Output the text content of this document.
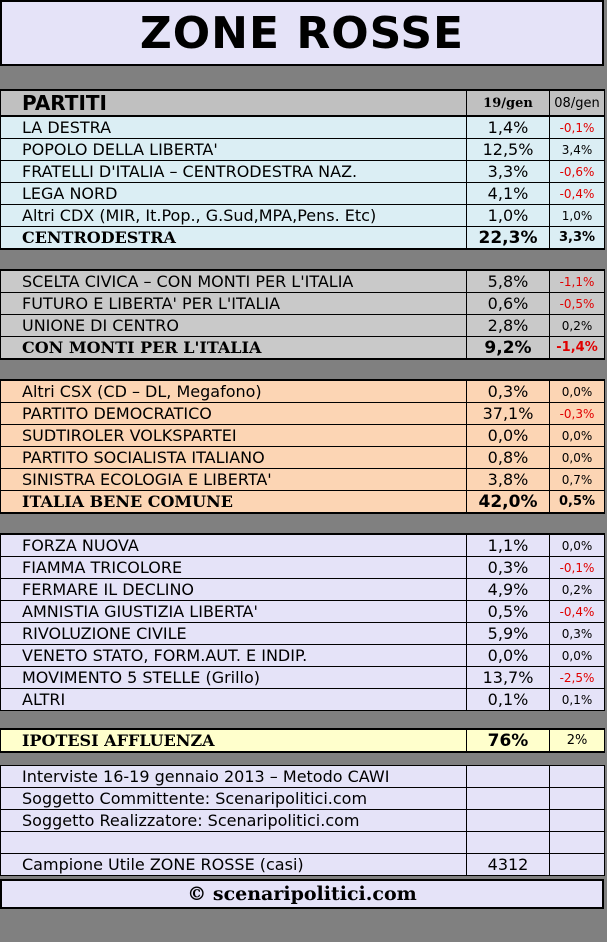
ZONE ROSSE
PARTITI	19/gen	08/gen
LA DESTRA	1,4%	-0,1%
POPOLO DELLA LIBERTA'	12,5%	3,4%
FRATELLI D'ITALIA – CENTRODESTRA NAZ.	3,3%	-0,6%
LEGA NORD	4,1%	-0,4%
Altri CDX (MIR, It.Pop., G.Sud,MPA,Pens. Etc)	1,0%	1,0%
CENTRODESTRA	22,3%	3,3%
SCELTA CIVICA – CON MONTI PER L'ITALIA	5,8%	-1,1%
FUTURO E LIBERTA' PER L'ITALIA	0,6%	-0,5%
UNIONE DI CENTRO	2,8%	0,2%
CON MONTI PER L'ITALIA	9,2%	-1,4%
Altri CSX (CD – DL, Megafono)	0,3%	0,0%
PARTITO DEMOCRATICO	37,1%	-0,3%
SUDTIROLER VOLKSPARTEI	0,0%	0,0%
PARTITO SOCIALISTA ITALIANO	0,8%	0,0%
SINISTRA ECOLOGIA E LIBERTA'	3,8%	0,7%
ITALIA BENE COMUNE	42,0%	0,5%
FORZA NUOVA	1,1%	0,0%
FIAMMA TRICOLORE	0,3%	-0,1%
FERMARE IL DECLINO	4,9%	0,2%
AMNISTIA GIUSTIZIA LIBERTA'	0,5%	-0,4%
RIVOLUZIONE CIVILE	5,9%	0,3%
VENETO STATO, FORM.AUT. E INDIP.	0,0%	0,0%
MOVIMENTO 5 STELLE (Grillo)	13,7%	-2,5%
ALTRI	0,1%	0,1%
IPOTESI AFFLUENZA	76%	2%
Interviste 16-19 gennaio 2013 – Metodo CAWI		
Soggetto Committente: Scenaripolitici.com		
Soggetto Realizzatore: Scenaripolitici.com		

Campione Utile ZONE ROSSE (casi)	4312	
© scenaripolitici.com
